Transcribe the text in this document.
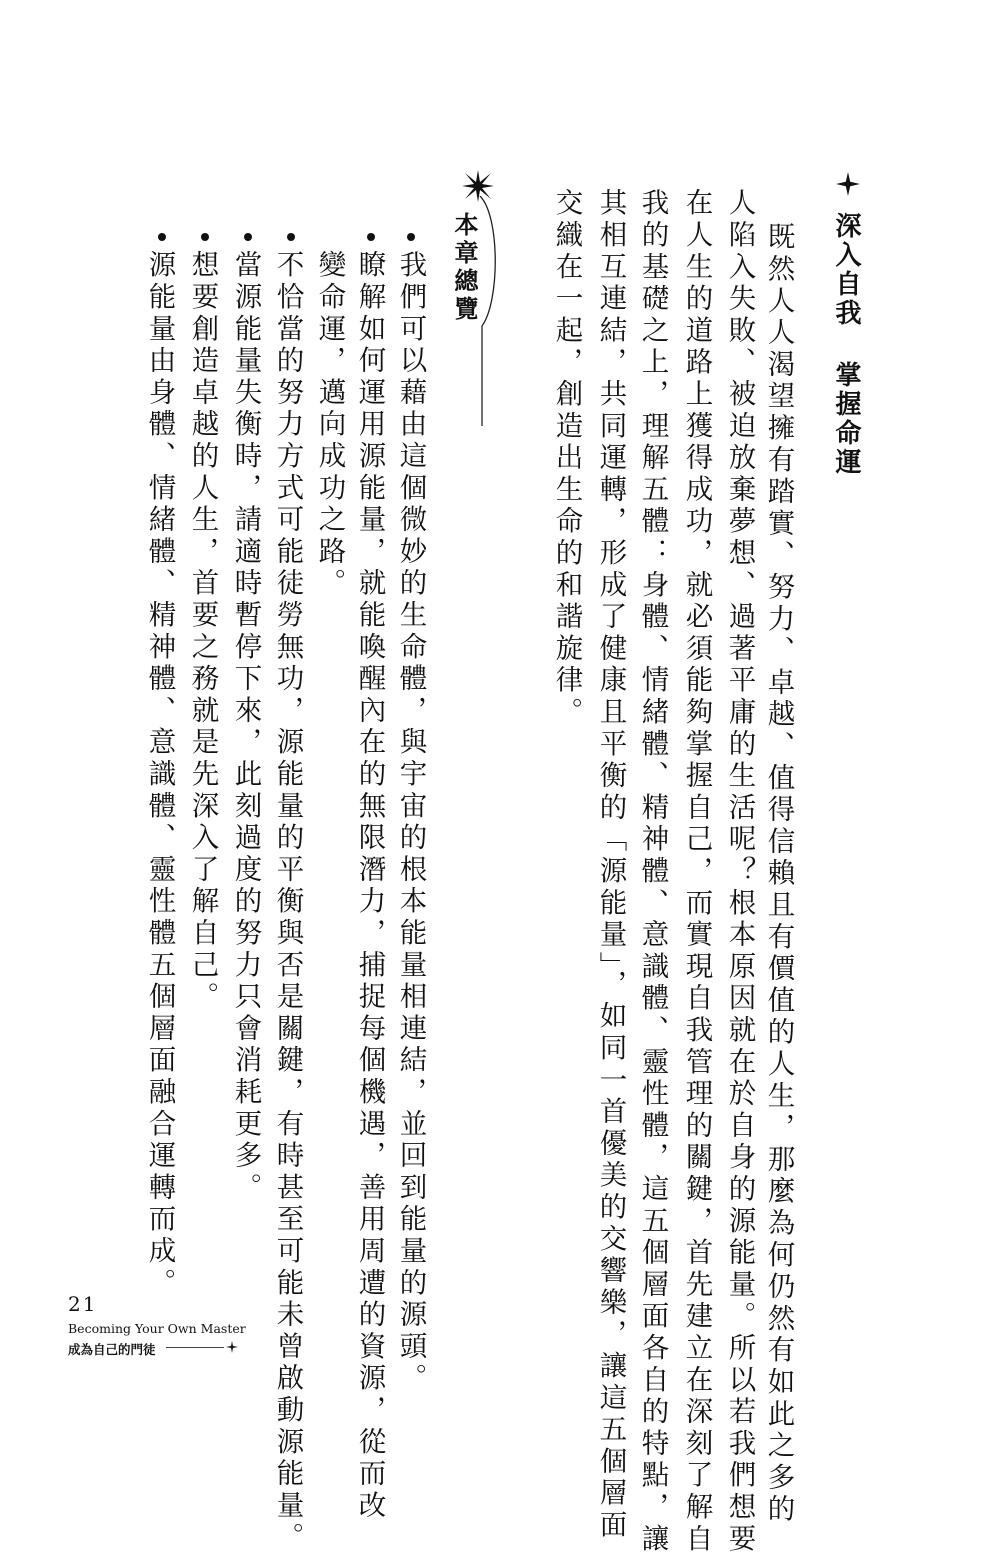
深入自我 掌握命運

既然人人渴望擁有踏實、努力、卓越、值得信賴且有價值的人生，那麼為何仍然有如此之多的

人陷入失敗、被迫放棄夢想、過著平庸的生活呢？根本原因就在於自身的源能量。所以若我們想要

在人生的道路上獲得成功，就必須能夠掌握自己，而實現自我管理的關鍵，首先建立在深刻了解自

我的基礎之上，理解五體：身體、情緒體、精神體、意識體、靈性體，這五個層面各自的特點，讓

其相互連結，共同運轉，形成了健康且平衡的「源能量」，如同一首優美的交響樂，讓這五個層面

交織在一起，創造出生命的和諧旋律。

本章總覽

我們可以藉由這個微妙的生命體，與宇宙的根本能量相連結，並回到能量的源頭。

瞭解如何運用源能量，就能喚醒內在的無限潛力，捕捉每個機遇，善用周遭的資源，從而改

變命運，邁向成功之路。

不恰當的努力方式可能徒勞無功，源能量的平衡與否是關鍵，有時甚至可能未曾啟動源能量。

當源能量失衡時，請適時暫停下來，此刻過度的努力只會消耗更多。

想要創造卓越的人生，首要之務就是先深入了解自己。

源能量由身體、情緒體、精神體、意識體、靈性體五個層面融合運轉而成。

21
Becoming Your Own Master
成為自己的門徒
